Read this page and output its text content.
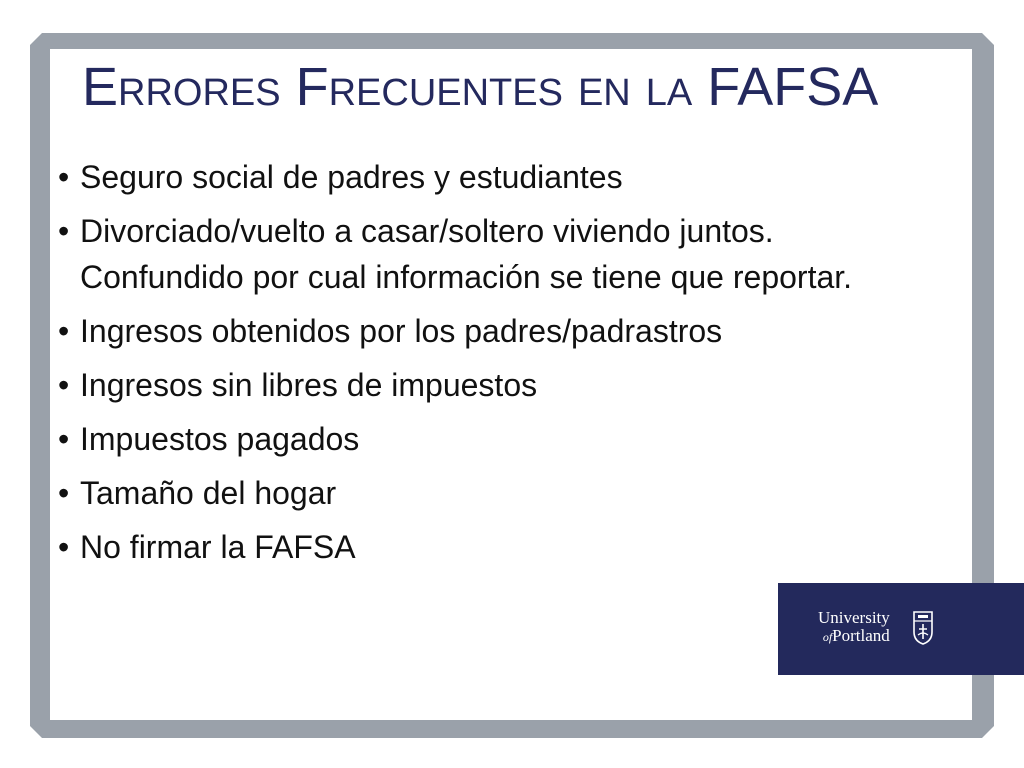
Errores Frecuentes en la FAFSA
• Seguro social de padres y estudiantes
• Divorciado/vuelto a casar/soltero viviendo juntos. Confundido por cual información se tiene que reportar.
• Ingresos obtenidos por los padres/padrastros
• Ingresos sin libres de impuestos
• Impuestos pagados
• Tamaño del hogar
• No firmar la FAFSA
University
ofPortland
